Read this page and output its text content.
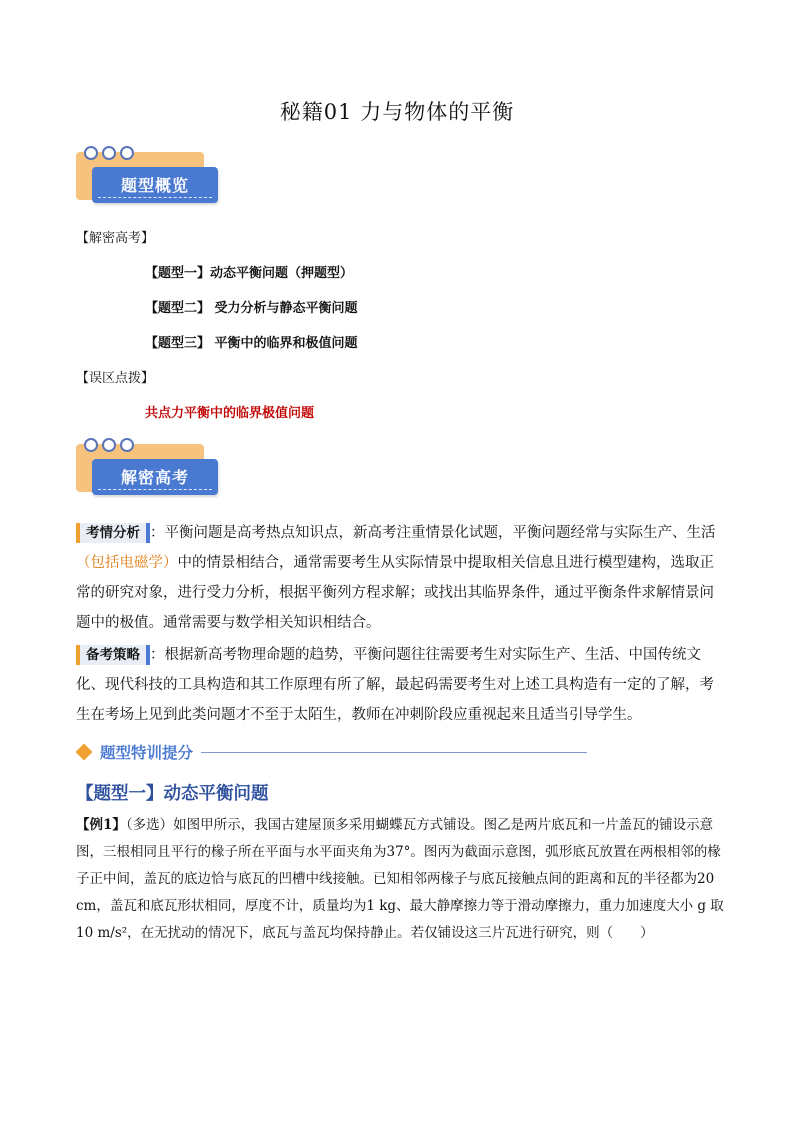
秘籍01 力与物体的平衡
题型概览
【解密高考】
【题型一】动态平衡问题（押题型）
【题型二】 受力分析与静态平衡问题
【题型三】 平衡中的临界和极值问题
【误区点拨】
共点力平衡中的临界极值问题
解密高考
考情分析 ：平衡问题是高考热点知识点，新高考注重情景化试题，平衡问题经常与实际生产、生活（包括电磁学）中的情景相结合，通常需要考生从实际情景中提取相关信息且进行模型建构，选取正常的研究对象，进行受力分析，根据平衡列方程求解；或找出其临界条件，通过平衡条件求解情景问题中的极值。通常需要与数学相关知识相结合。
备考策略 ：根据新高考物理命题的趋势，平衡问题往往需要考生对实际生产、生活、中国传统文化、现代科技的工具构造和其工作原理有所了解，最起码需要考生对上述工具构造有一定的了解，考生在考场上见到此类问题才不至于太陌生，教师在冲刺阶段应重视起来且适当引导学生。
题型特训提分
【题型一】动态平衡问题
【例1】（多选）如图甲所示，我国古建屋顶多采用蝴蝶瓦方式铺设。图乙是两片底瓦和一片盖瓦的铺设示意图，三根相同且平行的椽子所在平面与水平面夹角为37°。图丙为截面示意图，弧形底瓦放置在两根相邻的椽子正中间，盖瓦的底边恰与底瓦的凹槽中线接触。已知相邻两椽子与底瓦接触点间的距离和瓦的半径都为20 cm，盖瓦和底瓦形状相同，厚度不计，质量均为1 kg、最大静摩擦力等于滑动摩擦力，重力加速度大小 g 取10 m/s²，在无扰动的情况下，底瓦与盖瓦均保持静止。若仅铺设这三片瓦进行研究，则（　　）
